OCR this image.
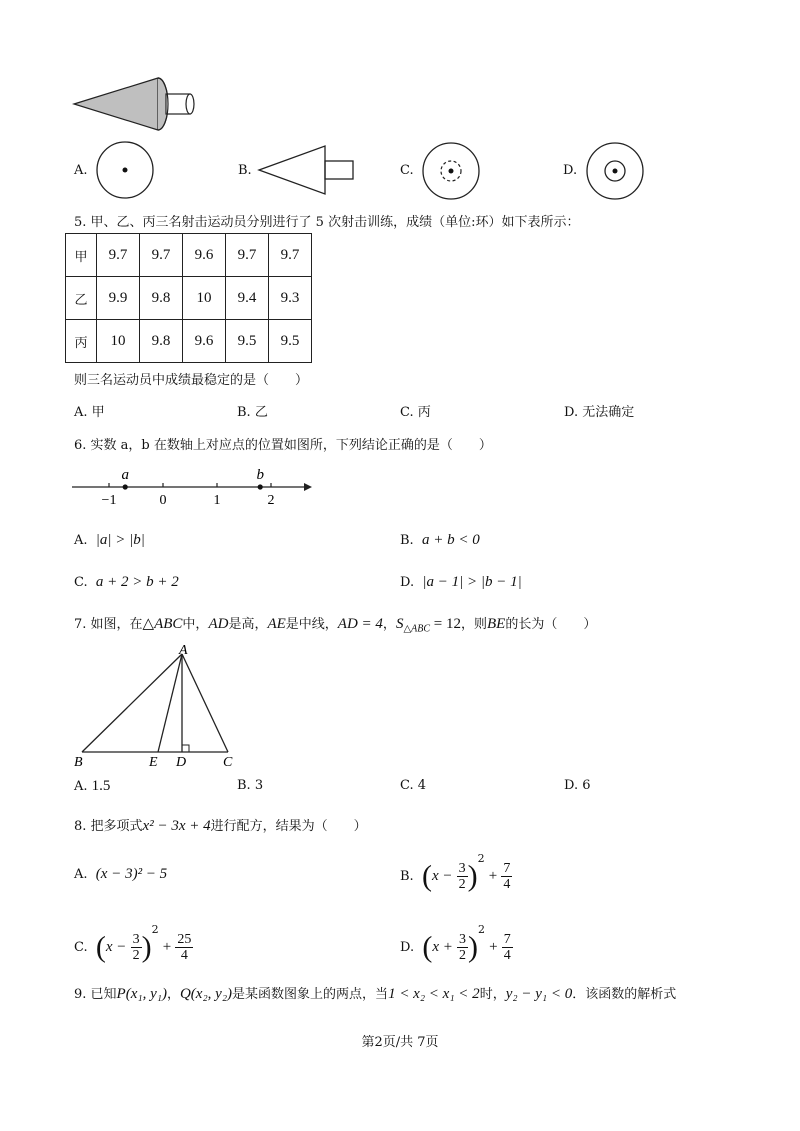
A.	B.	C.	D.
5. 甲、乙、丙三名射击运动员分别进行了 5 次射击训练，成绩（单位:环）如下表所示：
甲	9.7	9.7	9.6	9.7	9.7
乙	9.9	9.8	10	9.4	9.3
丙	10	9.8	9.6	9.5	9.5
则三名运动员中成绩最稳定的是（　　）
A. 甲	B. 乙	C. 丙	D. 无法确定
6. 实数 a，b 在数轴上对应点的位置如图所，下列结论正确的是（　　）
−1	0	1	2
a	b
A. |a| > |b|	B. a + b < 0
C. a + 2 > b + 2	D. |a − 1| > |b − 1|
7. 如图，在△ABC中，AD是高，AE是中线，AD = 4，$S_{\triangle ABC} = 12$，则BE的长为（　　）
A
B	E D	C
A. 1.5	B. 3	C. 4	D. 6
8. 把多项式x² − 3x + 4进行配方，结果为（　　）
A. (x − 3)² − 5	B. $(x - \frac{3}{2} )^2 + \frac{7}{4}$
C. $(x - \frac{3}{2} )^2 + \frac{25}{4}$	D. $(x + \frac{3}{2} )^2 + \frac{7}{4}$
9. 已知P(x₁, y₁)，Q(x₂, y₂)是某函数图象上的两点，当1 < x₂ < x₁ < 2时，y₂ − y₁ < 0．该函数的解析式
第2页/共 7页
